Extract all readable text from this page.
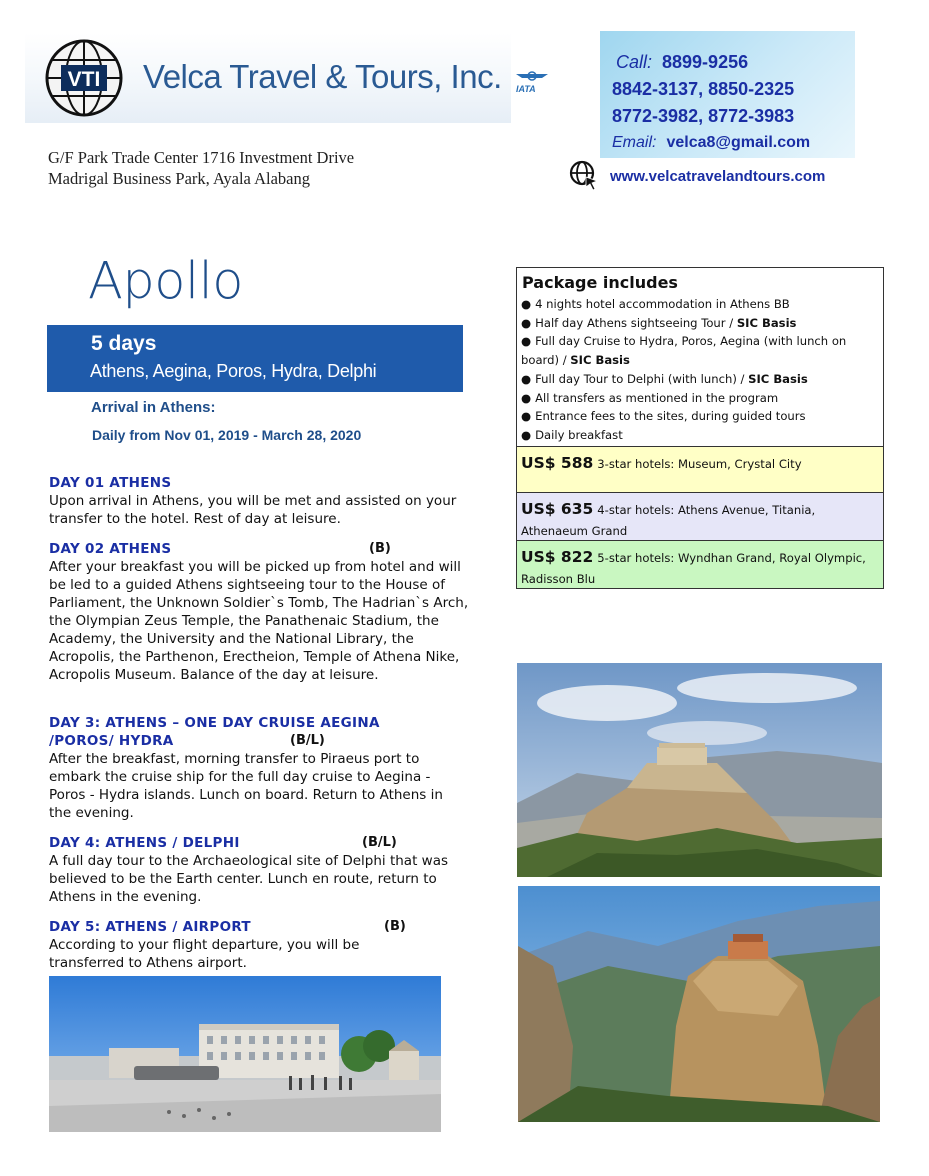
VTI Velca Travel & Tours, Inc. IATA
Call: 8899-9256
8842-3137, 8850-2325
8772-3982, 8772-3983
Email: velca8@gmail.com
www.velcatravelandtours.com
G/F Park Trade Center 1716 Investment Drive
Madrigal Business Park, Ayala Alabang
Apollo
5 days
Athens, Aegina, Poros, Hydra, Delphi
Arrival in Athens:
Daily from Nov 01, 2019 - March 28, 2020
DAY 01 ATHENS
Upon arrival in Athens, you will be met and assisted on your transfer to the hotel. Rest of day at leisure.
DAY 02 ATHENS	(B)
After your breakfast you will be picked up from hotel and will be led to a guided Athens sightseeing tour to the House of Parliament, the Unknown Soldier`s Tomb, The Hadrian`s Arch, the Olympian Zeus Temple, the Panathenaic Stadium, the Academy, the University and the National Library, the Acropolis, the Parthenon, Erectheion, Temple of Athena Nike, Acropolis Museum. Balance of the day at leisure.
DAY 3: ATHENS – ONE DAY CRUISE AEGINA
/POROS/ HYDRA	(B/L)
After the breakfast, morning transfer to Piraeus port to embark the cruise ship for the full day cruise to Aegina - Poros - Hydra islands. Lunch on board. Return to Athens in the evening.
DAY 4: ATHENS / DELPHI	(B/L)
A full day tour to the Archaeological site of Delphi that was believed to be the Earth center. Lunch en route, return to Athens in the evening.
DAY 5: ATHENS / AIRPORT	(B)
According to your flight departure, you will be transferred to Athens airport.
Package includes
● 4 nights hotel accommodation in Athens BB
● Half day Athens sightseeing Tour / SIC Basis
● Full day Cruise to Hydra, Poros, Aegina (with lunch on board) / SIC Basis
● Full day Tour to Delphi (with lunch) / SIC Basis
● All transfers as mentioned in the program
● Entrance fees to the sites, during guided tours
● Daily breakfast
US$ 588 3-star hotels: Museum, Crystal City
US$ 635 4-star hotels: Athens Avenue, Titania, Athenaeum Grand
US$ 822 5-star hotels: Wyndhan Grand, Royal Olympic, Radisson Blu
